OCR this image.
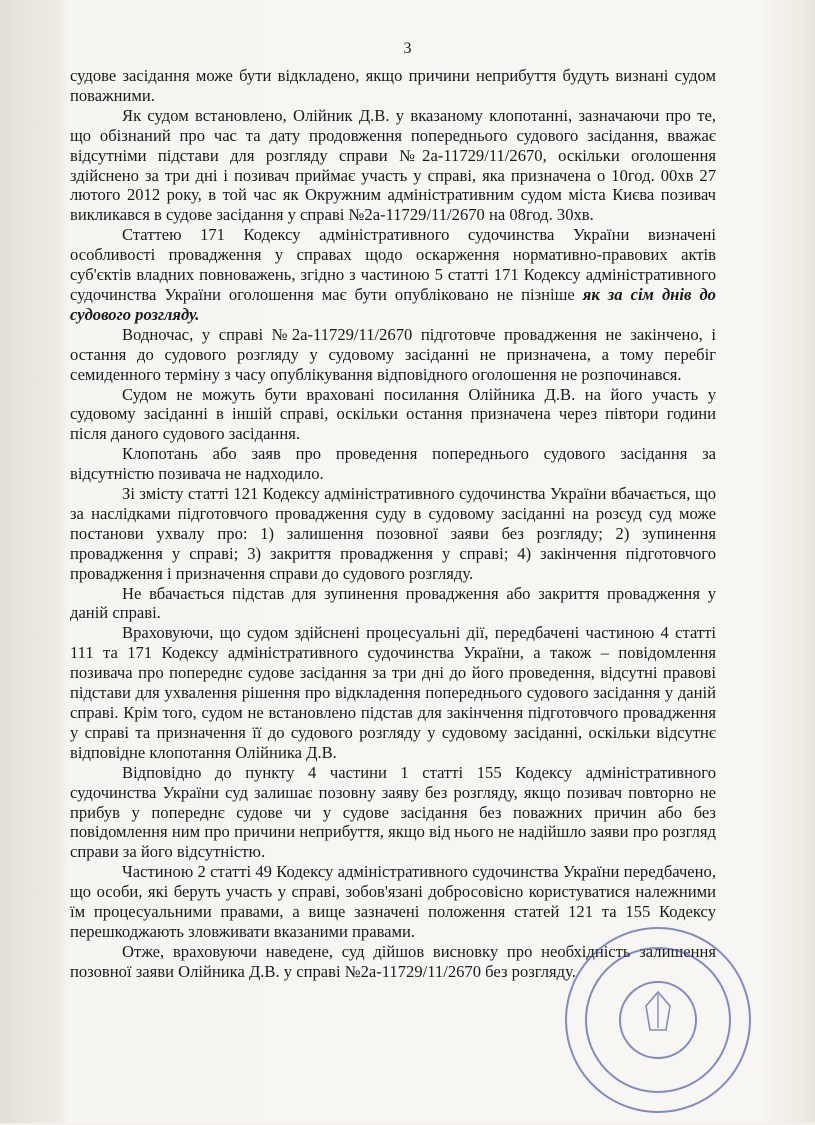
3

судове засідання може бути відкладено, якщо причини неприбуття будуть визнані судом поважними.

Як судом встановлено, Олійник Д.В. у вказаному клопотанні, зазначаючи про те, що обізнаний про час та дату продовження попереднього судового засідання, вважає відсутніми підстави для розгляду справи №2а-11729/11/2670, оскільки оголошення здійснено за три дні і позивач приймає участь у справі, яка призначена о 10год. 00хв 27 лютого 2012 року, в той час як Окружним адміністративним судом міста Києва позивач викликався в судове засідання у справі №2а-11729/11/2670 на 08год. 30хв.

Статтею 171 Кодексу адміністративного судочинства України визначені особливості провадження у справах щодо оскарження нормативно-правових актів суб'єктів владних повноважень, згідно з частиною 5 статті 171 Кодексу адміністративного судочинства України оголошення має бути опубліковано не пізніше як за сім днів до судового розгляду.

Водночас, у справі №2а-11729/11/2670 підготовче провадження не закінчено, і остання до судового розгляду у судовому засіданні не призначена, а тому перебіг семиденного терміну з часу опублікування відповідного оголошення не розпочинався.

Судом не можуть бути враховані посилання Олійника Д.В. на його участь у судовому засіданні в іншій справі, оскільки остання призначена через півтори години після даного судового засідання.

Клопотань або заяв про проведення попереднього судового засідання за відсутністю позивача не надходило.

Зі змісту статті 121 Кодексу адміністративного судочинства України вбачається, що за наслідками підготовчого провадження суду в судовому засіданні на розсуд суд може постанови ухвалу про: 1) залишення позовної заяви без розгляду; 2) зупинення провадження у справі; 3) закриття провадження у справі; 4) закінчення підготовчого провадження і призначення справи до судового розгляду.

Не вбачається підстав для зупинення провадження або закриття провадження у даній справі.

Враховуючи, що судом здійснені процесуальні дії, передбачені частиною 4 статті 111 та 171 Кодексу адміністративного судочинства України, а також – повідомлення позивача про попереднє судове засідання за три дні до його проведення, відсутні правові підстави для ухвалення рішення про відкладення попереднього судового засідання у даній справі. Крім того, судом не встановлено підстав для закінчення підготовчого провадження у справі та призначення її до судового розгляду у судовому засіданні, оскільки відсутнє відповідне клопотання Олійника Д.В.

Відповідно до пункту 4 частини 1 статті 155 Кодексу адміністративного судочинства України суд залишає позовну заяву без розгляду, якщо позивач повторно не прибув у попереднє судове чи у судове засідання без поважних причин або без повідомлення ним про причини неприбуття, якщо від нього не надійшло заяви про розгляд справи за його відсутністю.

Частиною 2 статті 49 Кодексу адміністративного судочинства України передбачено, що особи, які беруть участь у справі, зобов'язані добросовісно користуватися належними їм процесуальними правами, а вище зазначені положення статей 121 та 155 Кодексу перешкоджають зловживати вказаними правами.

Отже, враховуючи наведене, суд дійшов висновку про необхідність залишення позовної заяви Олійника Д.В. у справі №2а-11729/11/2670 без розгляду.
